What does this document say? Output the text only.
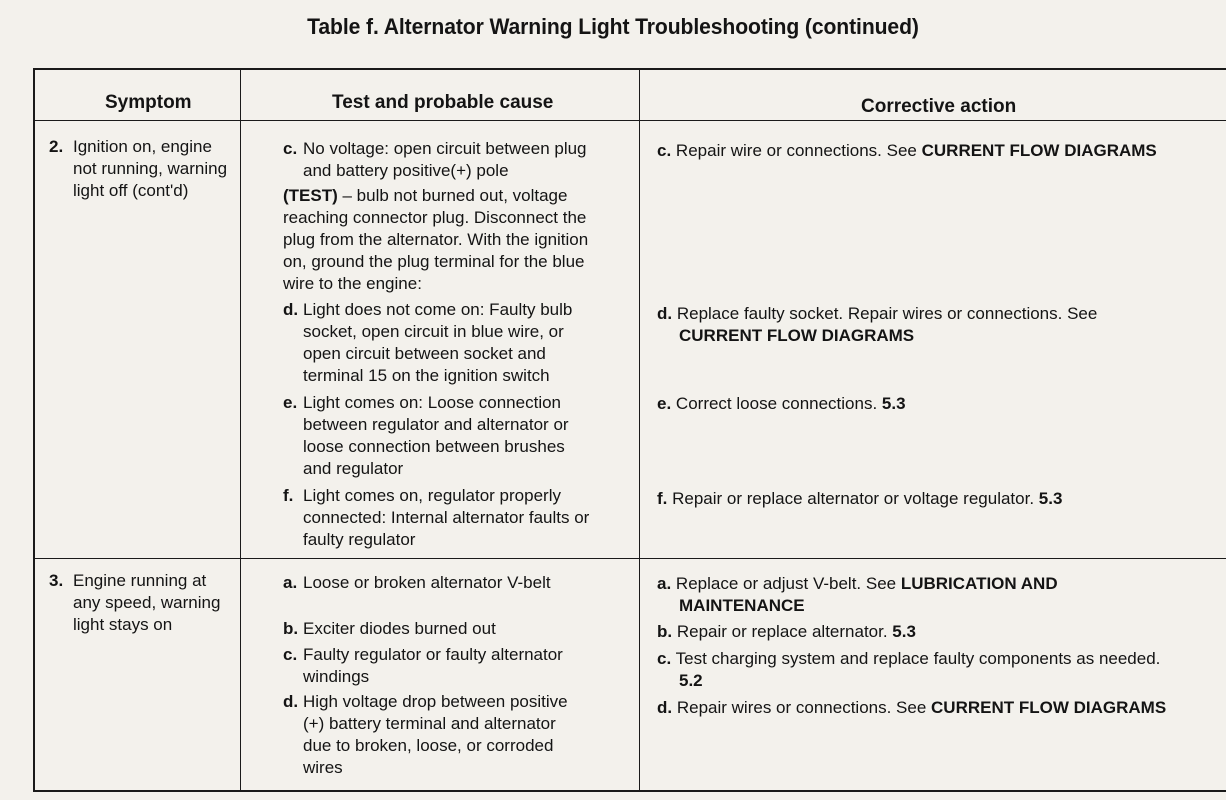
Table f. Alternator Warning Light Troubleshooting (continued)
Symptom	Test and probable cause	Corrective action
2. Ignition on, engine
not running, warning
light off (cont'd)
c. No voltage: open circuit between plug
and battery positive(+) pole
(TEST) – bulb not burned out, voltage
reaching connector plug. Disconnect the
plug from the alternator. With the ignition
on, ground the plug terminal for the blue
wire to the engine:
d. Light does not come on: Faulty bulb
socket, open circuit in blue wire, or
open circuit between socket and
terminal 15 on the ignition switch
e. Light comes on: Loose connection
between regulator and alternator or
loose connection between brushes
and regulator
f. Light comes on, regulator properly
connected: Internal alternator faults or
faulty regulator
c. Repair wire or connections. See CURRENT FLOW DIAGRAMS
d. Replace faulty socket. Repair wires or connections. See
CURRENT FLOW DIAGRAMS
e. Correct loose connections. 5.3
f. Repair or replace alternator or voltage regulator. 5.3
3. Engine running at
any speed, warning
light stays on
a. Loose or broken alternator V-belt
b. Exciter diodes burned out
c. Faulty regulator or faulty alternator
windings
d. High voltage drop between positive
(+) battery terminal and alternator
due to broken, loose, or corroded
wires
a. Replace or adjust V-belt. See LUBRICATION AND
MAINTENANCE
b. Repair or replace alternator. 5.3
c. Test charging system and replace faulty components as needed.
5.2
d. Repair wires or connections. See CURRENT FLOW DIAGRAMS
